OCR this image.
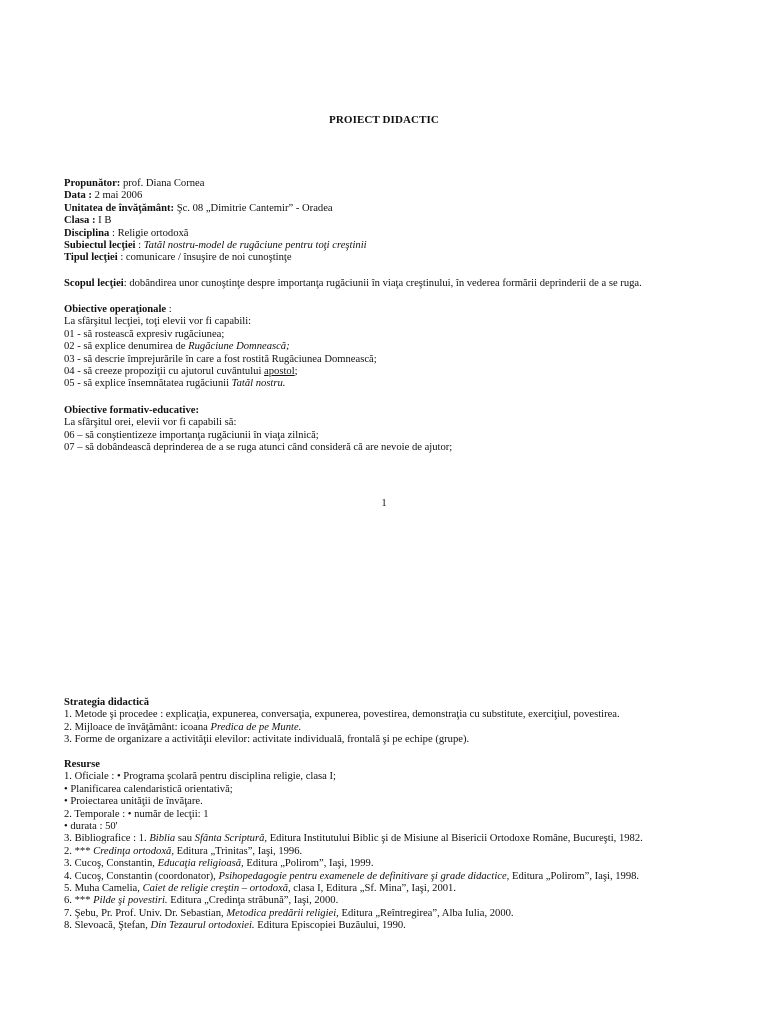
PROIECT DIDACTIC
Propunător: prof. Diana Cornea
Data : 2 mai 2006
Unitatea de învăţământ: Şc. 08 „Dimitrie Cantemir” - Oradea
Clasa : I B
Disciplina : Religie ortodoxă
Subiectul lecţiei : Tatăl nostru-model de rugăciune pentru toţi creştinii
Tipul lecţiei : comunicare / însuşire de noi cunoştinţe
Scopul lecţiei: dobândirea unor cunoştinţe despre importanţa rugăciunii în viaţa creştinului, în vederea formării deprinderii de a se ruga.
Obiective operaţionale :
La sfârşitul lecţiei, toţi elevii vor fi capabili:
01 - să rostească expresiv rugăciunea;
02 - să explice denumirea de Rugăciune Domnească;
03 - să descrie împrejurările în care a fost rostită Rugăciunea Domnească;
04 - să creeze propoziţii cu ajutorul cuvântului apostol;
05 - să explice însemnătatea rugăciunii Tatăl nostru.
Obiective formativ-educative:
La sfârşitul orei, elevii vor fi capabili să:
06 – să conştientizeze importanţa rugăciunii în viaţa zilnică;
07 – să dobândească deprinderea de a se ruga atunci când consideră că are nevoie de ajutor;
1
Strategia didactică
1. Metode şi procedee : explicaţia, expunerea, conversaţia, expunerea, povestirea, demonstraţia cu substitute, exerciţiul, povestirea.
2. Mijloace de învăţământ: icoana Predica de pe Munte.
3. Forme de organizare a activităţii elevilor: activitate individuală, frontală şi pe echipe (grupe).
Resurse
1. Oficiale : • Programa şcolară pentru disciplina religie, clasa I;
• Planificarea calendaristică orientativă;
• Proiectarea unităţii de învăţare.
2. Temporale : • număr de lecţii: 1
• durata : 50'
3. Bibliografice : 1. Biblia sau Sfânta Scriptură, Editura Institutului Biblic şi de Misiune al Bisericii Ortodoxe Române, Bucureşti, 1982.
2. *** Credinţa ortodoxă, Editura „Trinitas”, Iaşi, 1996.
3. Cucoş, Constantin, Educaţia religioasă, Editura „Polirom”, Iaşi, 1999.
4. Cucoş, Constantin (coordonator), Psihopedagogie pentru examenele de definitivare şi grade didactice, Editura „Polirom”, Iaşi, 1998.
5. Muha Camelia, Caiet de religie creştin – ortodoxă, clasa I, Editura „Sf. Mina”, Iaşi, 2001.
6. *** Pilde şi povestiri. Editura „Credinţa străbună”, Iaşi, 2000.
7. Şebu, Pr. Prof. Univ. Dr. Sebastian, Metodica predării religiei, Editura „Reîntregirea”, Alba Iulia, 2000.
8. Slevoacă, Ştefan, Din Tezaurul ortodoxiei. Editura Episcopiei Buzăului, 1990.
